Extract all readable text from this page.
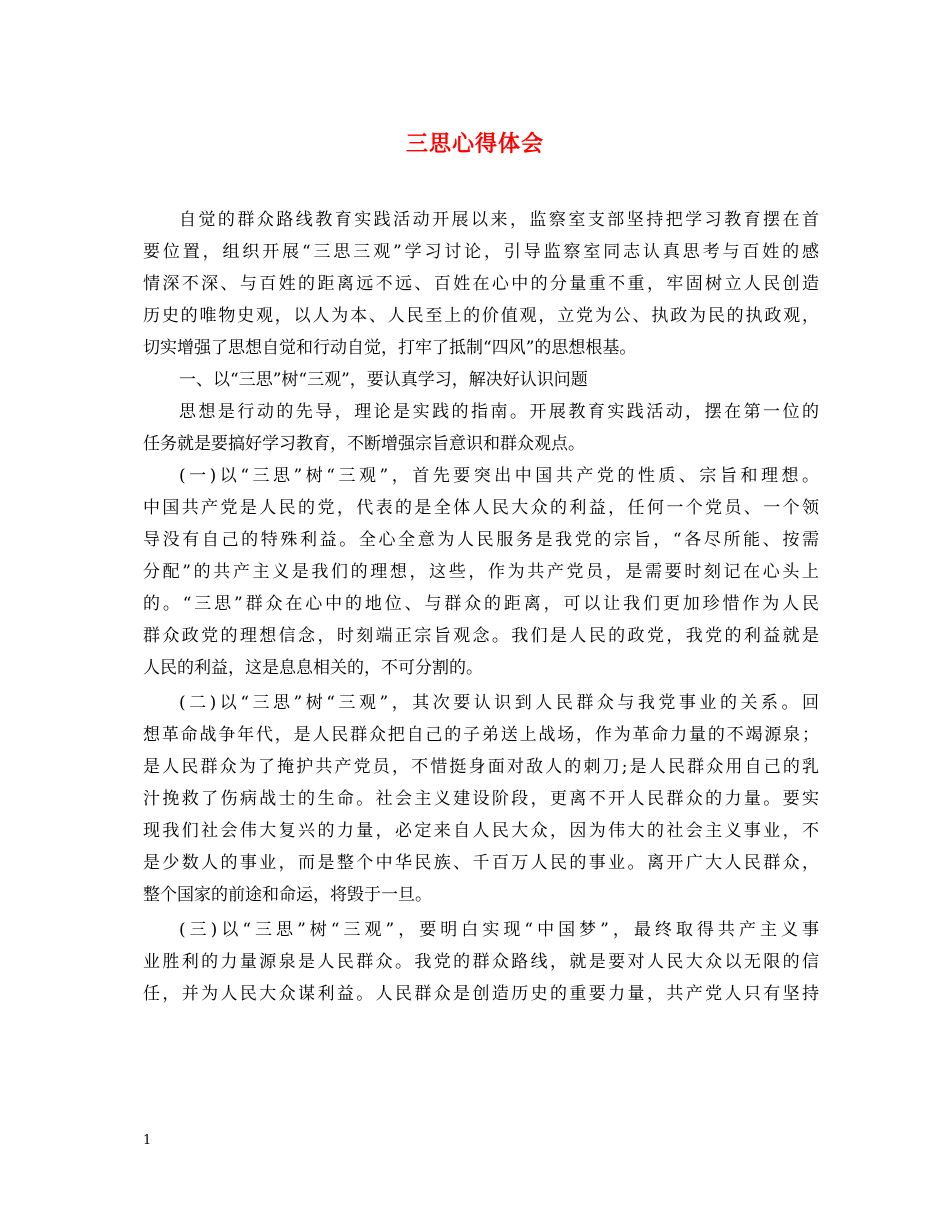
三思心得体会
自觉的群众路线教育实践活动开展以来，监察室支部坚持把学习教育摆在首
要位置，组织开展“三思三观”学习讨论，引导监察室同志认真思考与百姓的感
情深不深、与百姓的距离远不远、百姓在心中的分量重不重，牢固树立人民创造
历史的唯物史观，以人为本、人民至上的价值观，立党为公、执政为民的执政观，
切实增强了思想自觉和行动自觉，打牢了抵制“四风”的思想根基。
一、以“三思”树“三观”，要认真学习，解决好认识问题
思想是行动的先导，理论是实践的指南。开展教育实践活动，摆在第一位的
任务就是要搞好学习教育，不断增强宗旨意识和群众观点。
(一)以“三思”树“三观”，首先要突出中国共产党的性质、宗旨和理想。
中国共产党是人民的党，代表的是全体人民大众的利益，任何一个党员、一个领
导没有自己的特殊利益。全心全意为人民服务是我党的宗旨，“各尽所能、按需
分配”的共产主义是我们的理想，这些，作为共产党员，是需要时刻记在心头上
的。“三思”群众在心中的地位、与群众的距离，可以让我们更加珍惜作为人民
群众政党的理想信念，时刻端正宗旨观念。我们是人民的政党，我党的利益就是
人民的利益，这是息息相关的，不可分割的。
(二)以“三思”树“三观”，其次要认识到人民群众与我党事业的关系。回
想革命战争年代，是人民群众把自己的子弟送上战场，作为革命力量的不竭源泉；
是人民群众为了掩护共产党员，不惜挺身面对敌人的刺刀;是人民群众用自己的乳
汁挽救了伤病战士的生命。社会主义建设阶段，更离不开人民群众的力量。要实
现我们社会伟大复兴的力量，必定来自人民大众，因为伟大的社会主义事业，不
是少数人的事业，而是整个中华民族、千百万人民的事业。离开广大人民群众，
整个国家的前途和命运，将毁于一旦。
(三)以“三思”树“三观”，要明白实现“中国梦”，最终取得共产主义事
业胜利的力量源泉是人民群众。我党的群众路线，就是要对人民大众以无限的信
任，并为人民大众谋利益。人民群众是创造历史的重要力量，共产党人只有坚持
1
